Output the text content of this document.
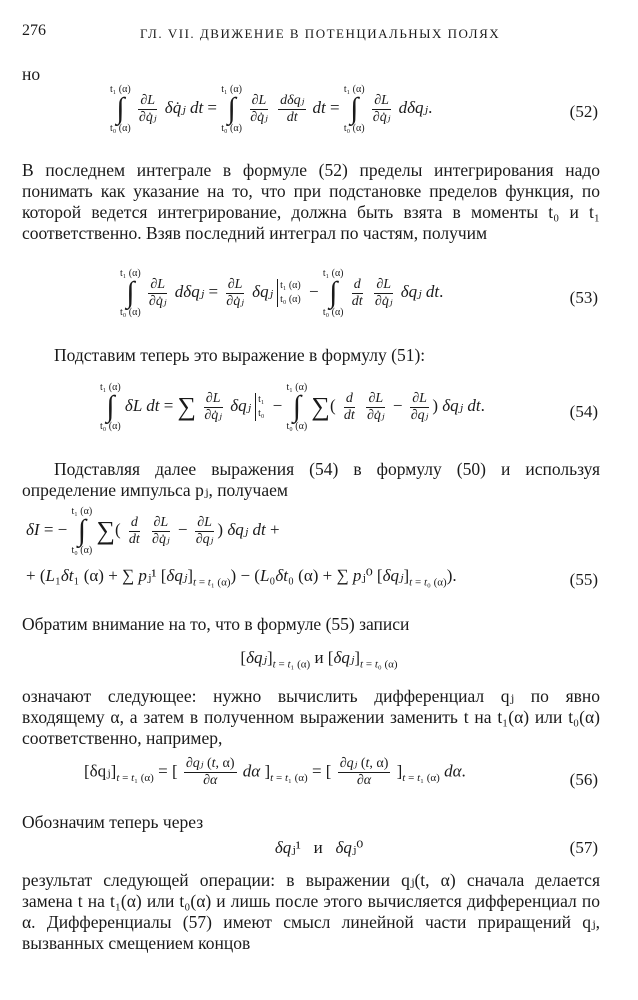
276	ГЛ. VII. ДВИЖЕНИЕ В ПОТЕНЦИАЛЬНЫХ ПОЛЯХ
но
t₁ (α)
∫
t₀ (α)

$\frac{\partial L}{\text{∂q̇ⱼ}}$ δq̇ⱼ dt =
t₁ (α)
∫
t₀ (α)

$\frac{\partial L}{\text{∂q̇ⱼ}}$
dδqⱼ
dt
dt =
t₁ (α)
∫
t₀ (α)

$\frac{\partial L}{\text{∂q̇ⱼ}}$ dδqⱼ.	(52)
В последнем интеграле в формуле (52) пределы интегрирования надо понимать как указание на то, что при подстановке пределов функция, по которой ведется интегрирование, должна быть взята в моменты t₀ и t₁ соответственно. Взяв последний интеграл по частям, получим
t₁ (α)
∫
t₀ (α)

$\frac{\partial L}{\text{∂q̇ⱼ}}$ dδqⱼ = $\frac{\partial L}{\text{∂q̇ⱼ}}$ δqⱼ t₁ (α)
t₀ (α) −
t₁ (α)
∫
t₀ (α)

$\frac{d}{dt}$
$\frac{\partial L}{\text{∂q̇ⱼ}}$ δqⱼ dt.	(53)
Подставим теперь это выражение в формулу (51):
t₁ (α)
∫
t₀ (α)
δL dt = ∑ $\frac{\partial L}{\text{∂q̇ⱼ}}$ δqⱼ t₁
t₀ −
t₁ (α)
∫
t₀ (α)
∑( $\frac{d}{dt}$
$\frac{\partial L}{\text{∂q̇ⱼ}} - \frac{\partial L}{\text{∂qⱼ}}$ ) δqⱼ dt.	(54)
Подставляя далее выражения (54) в формулу (50) и используя определение импульса pⱼ, получаем
δI = −
t₁ (α)
∫
t₀ (α)
∑( $\frac{d}{dt}$
$\frac{\partial L}{\text{∂q̇ⱼ}} - \frac{\partial L}{\text{∂qⱼ}}$ ) δqⱼ dt +
+ (L₁δt₁ (α) + ∑ pⱼ¹ $[\delta qⱼ]_{t = t_1 (\alpha)}) - (L_0\delta t_0$ (α) + ∑ pⱼ⁰ $[\delta qⱼ]_{t = t_0 (\alpha)}$).	(55)
Обратим внимание на то, что в формуле (55) записи
$[\delta qⱼ]_{t = t_1 (\alpha)}$ и $[\delta qⱼ]_{t = t_0 (\alpha)}$
означают следующее: нужно вычислить дифференциал qⱼ по явно входящему α, а затем в полученном выражении заменить t на t₁(α) или t₀(α) соответственно, например,
$[\delta qⱼ]_{t = t_1 (\alpha)}$ = [ $\frac{\text{∂qⱼ (t, α)}}{\partial\alpha}$ dα ]$_{t = t_1 (\alpha)}$ = [ $\frac{\text{∂qⱼ (t, α)}}{\partial\alpha} ]_{t = t_1 (\alpha)}$ dα.	(56)
Обозначим теперь через
δqⱼ¹   и δqⱼ⁰	(57)
результат следующей операции: в выражении qⱼ(t, α) сначала делается замена t на t₁(α) или t₀(α) и лишь после этого вычисляется дифференциал по α. Дифференциалы (57) имеют смысл линейной части приращений qⱼ, вызванных смещением концов
